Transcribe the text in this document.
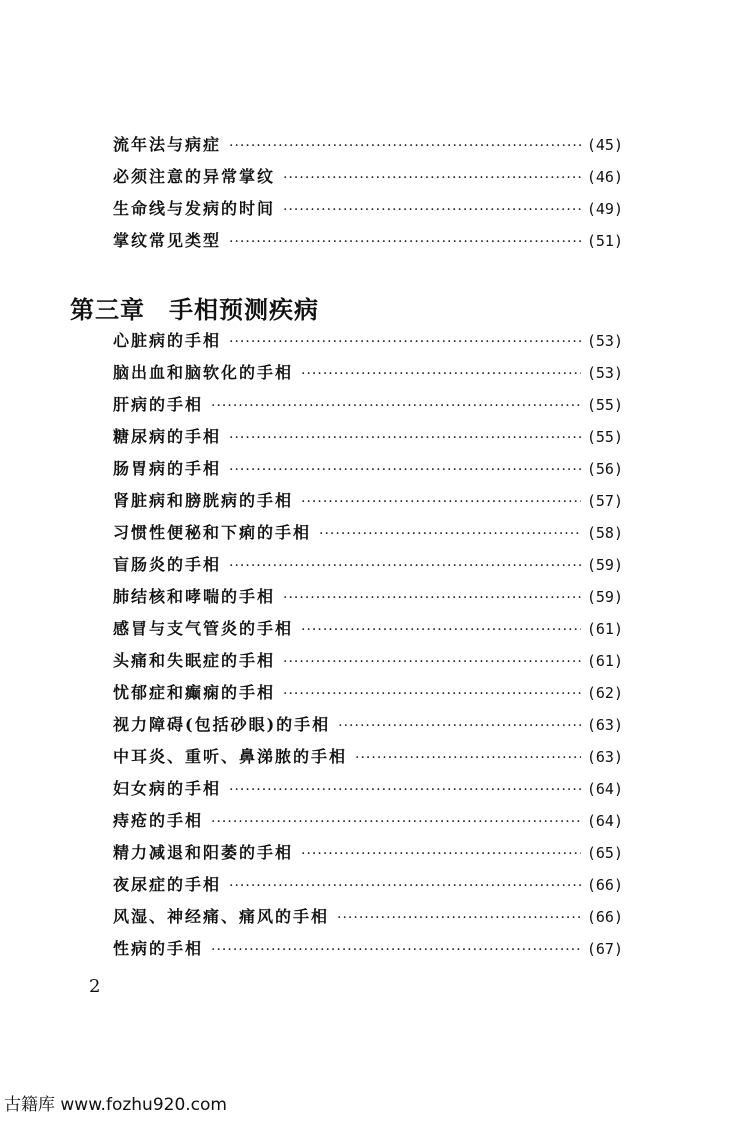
流年法与病症 ·····	(45)
必须注意的异常掌纹 ·····	(46)
生命线与发病的时间 ·····	(49)
掌纹常见类型 ·····	(51)
第三章 手相预测疾病
心脏病的手相 ·····	(53)
脑出血和脑软化的手相 ·····	(53)
肝病的手相 ·····	(55)
糖尿病的手相 ·····	(55)
肠胃病的手相 ·····	(56)
肾脏病和膀胱病的手相 ·····	(57)
习惯性便秘和下痢的手相 ·····	(58)
盲肠炎的手相 ·····	(59)
肺结核和哮喘的手相 ·····	(59)
感冒与支气管炎的手相 ·····	(61)
头痛和失眠症的手相 ·····	(61)
忧郁症和癫痫的手相 ·····	(62)
视力障碍(包括砂眼)的手相 ·····	(63)
中耳炎、重听、鼻涕脓的手相 ·····	(63)
妇女病的手相 ·····	(64)
痔疮的手相 ·····	(64)
精力减退和阳萎的手相 ·····	(65)
夜尿症的手相 ·····	(66)
风湿、神经痛、痛风的手相 ·····	(66)
性病的手相 ·····	(67)
2
古籍库 www.fozhu920.com
